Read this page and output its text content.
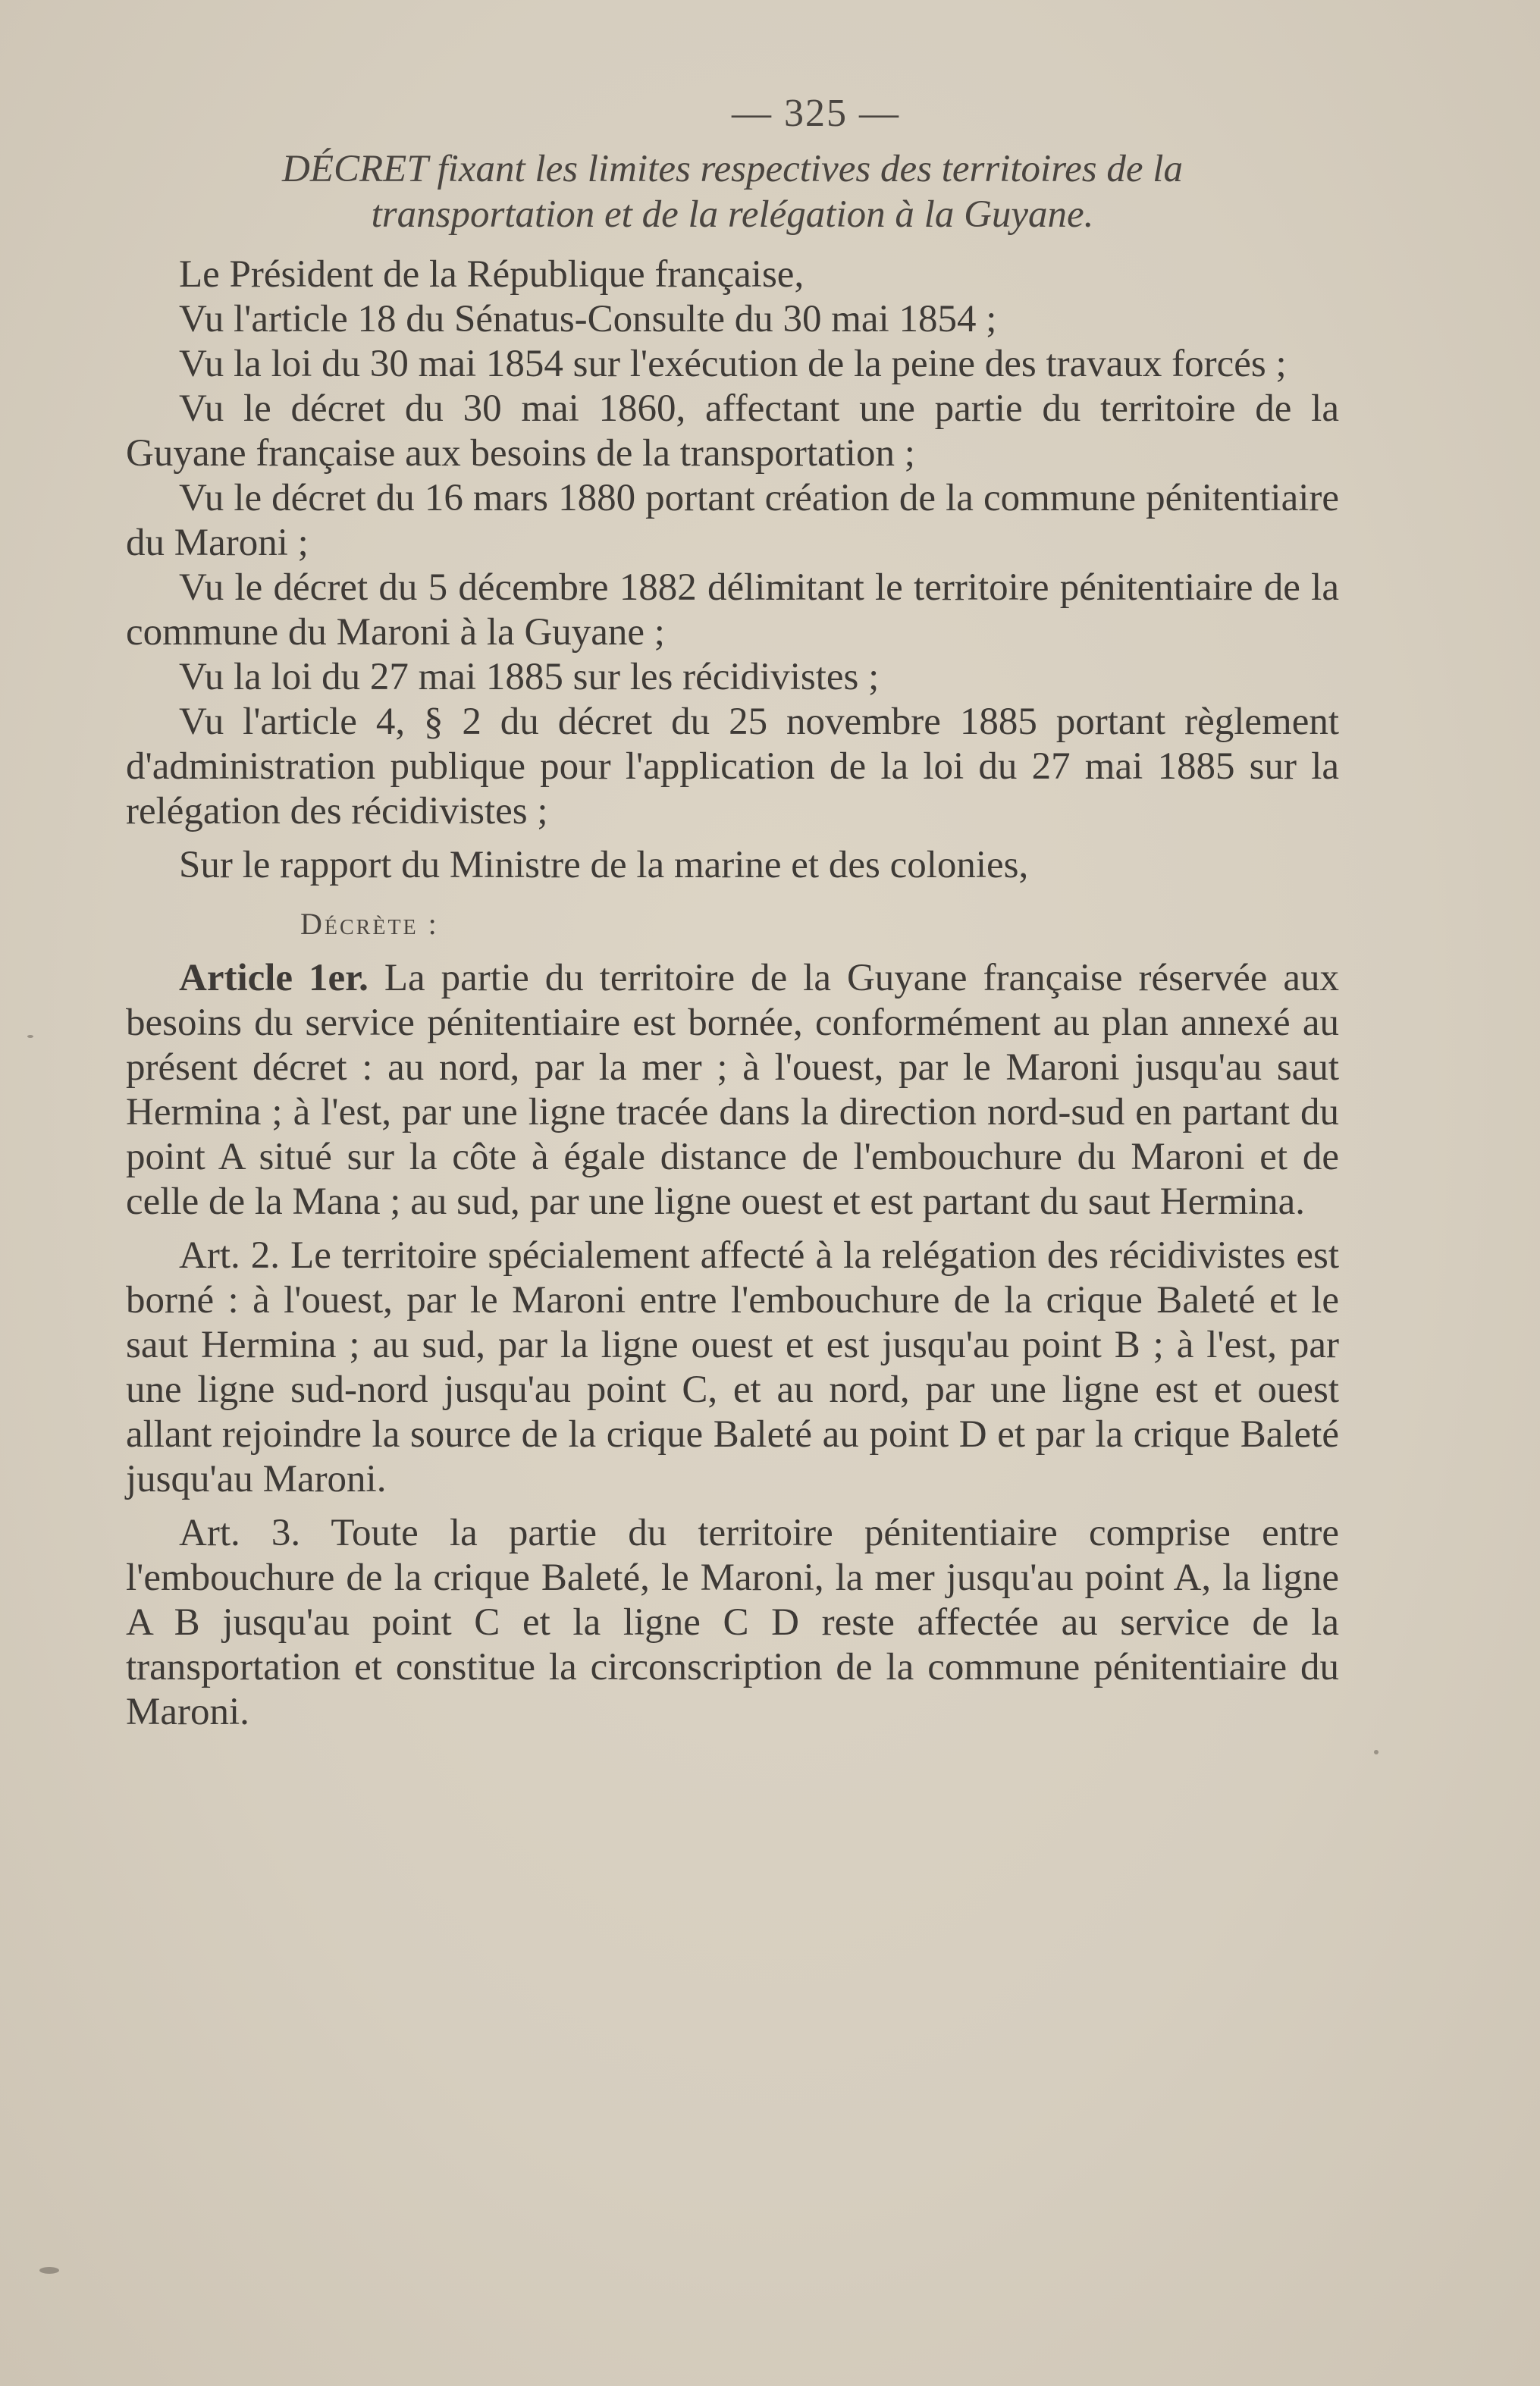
— 325 —
DÉCRET fixant les limites respectives des territoires de la
transportation et de la relégation à la Guyane.

Le Président de la République française,

Vu l'article 18 du Sénatus-Consulte du 30 mai 1854 ;

Vu la loi du 30 mai 1854 sur l'exécution de la peine des travaux forcés ;

Vu le décret du 30 mai 1860, affectant une partie du territoire de la Guyane française aux besoins de la transportation ;

Vu le décret du 16 mars 1880 portant création de la commune pénitentiaire du Maroni ;

Vu le décret du 5 décembre 1882 délimitant le territoire pénitentiaire de la commune du Maroni à la Guyane ;

Vu la loi du 27 mai 1885 sur les récidivistes ;

Vu l'article 4, § 2 du décret du 25 novembre 1885 portant règlement d'administration publique pour l'application de la loi du 27 mai 1885 sur la relégation des récidivistes ;

Sur le rapport du Ministre de la marine et des colonies,

Décrète :

Article 1er. La partie du territoire de la Guyane française réservée aux besoins du service pénitentiaire est bornée, conformément au plan annexé au présent décret : au nord, par la mer ; à l'ouest, par le Maroni jusqu'au saut Hermina ; à l'est, par une ligne tracée dans la direction nord-sud en partant du point A situé sur la côte à égale distance de l'embouchure du Maroni et de celle de la Mana ; au sud, par une ligne ouest et est partant du saut Hermina.

Art. 2. Le territoire spécialement affecté à la relégation des récidivistes est borné : à l'ouest, par le Maroni entre l'embouchure de la crique Baleté et le saut Hermina ; au sud, par la ligne ouest et est jusqu'au point B ; à l'est, par une ligne sud-nord jusqu'au point C, et au nord, par une ligne est et ouest allant rejoindre la source de la crique Baleté au point D et par la crique Baleté jusqu'au Maroni.

Art. 3. Toute la partie du territoire pénitentiaire comprise entre l'embouchure de la crique Baleté, le Maroni, la mer jusqu'au point A, la ligne A B jusqu'au point C et la ligne C D reste affectée au service de la transportation et constitue la circonscription de la commune pénitentiaire du Maroni.
